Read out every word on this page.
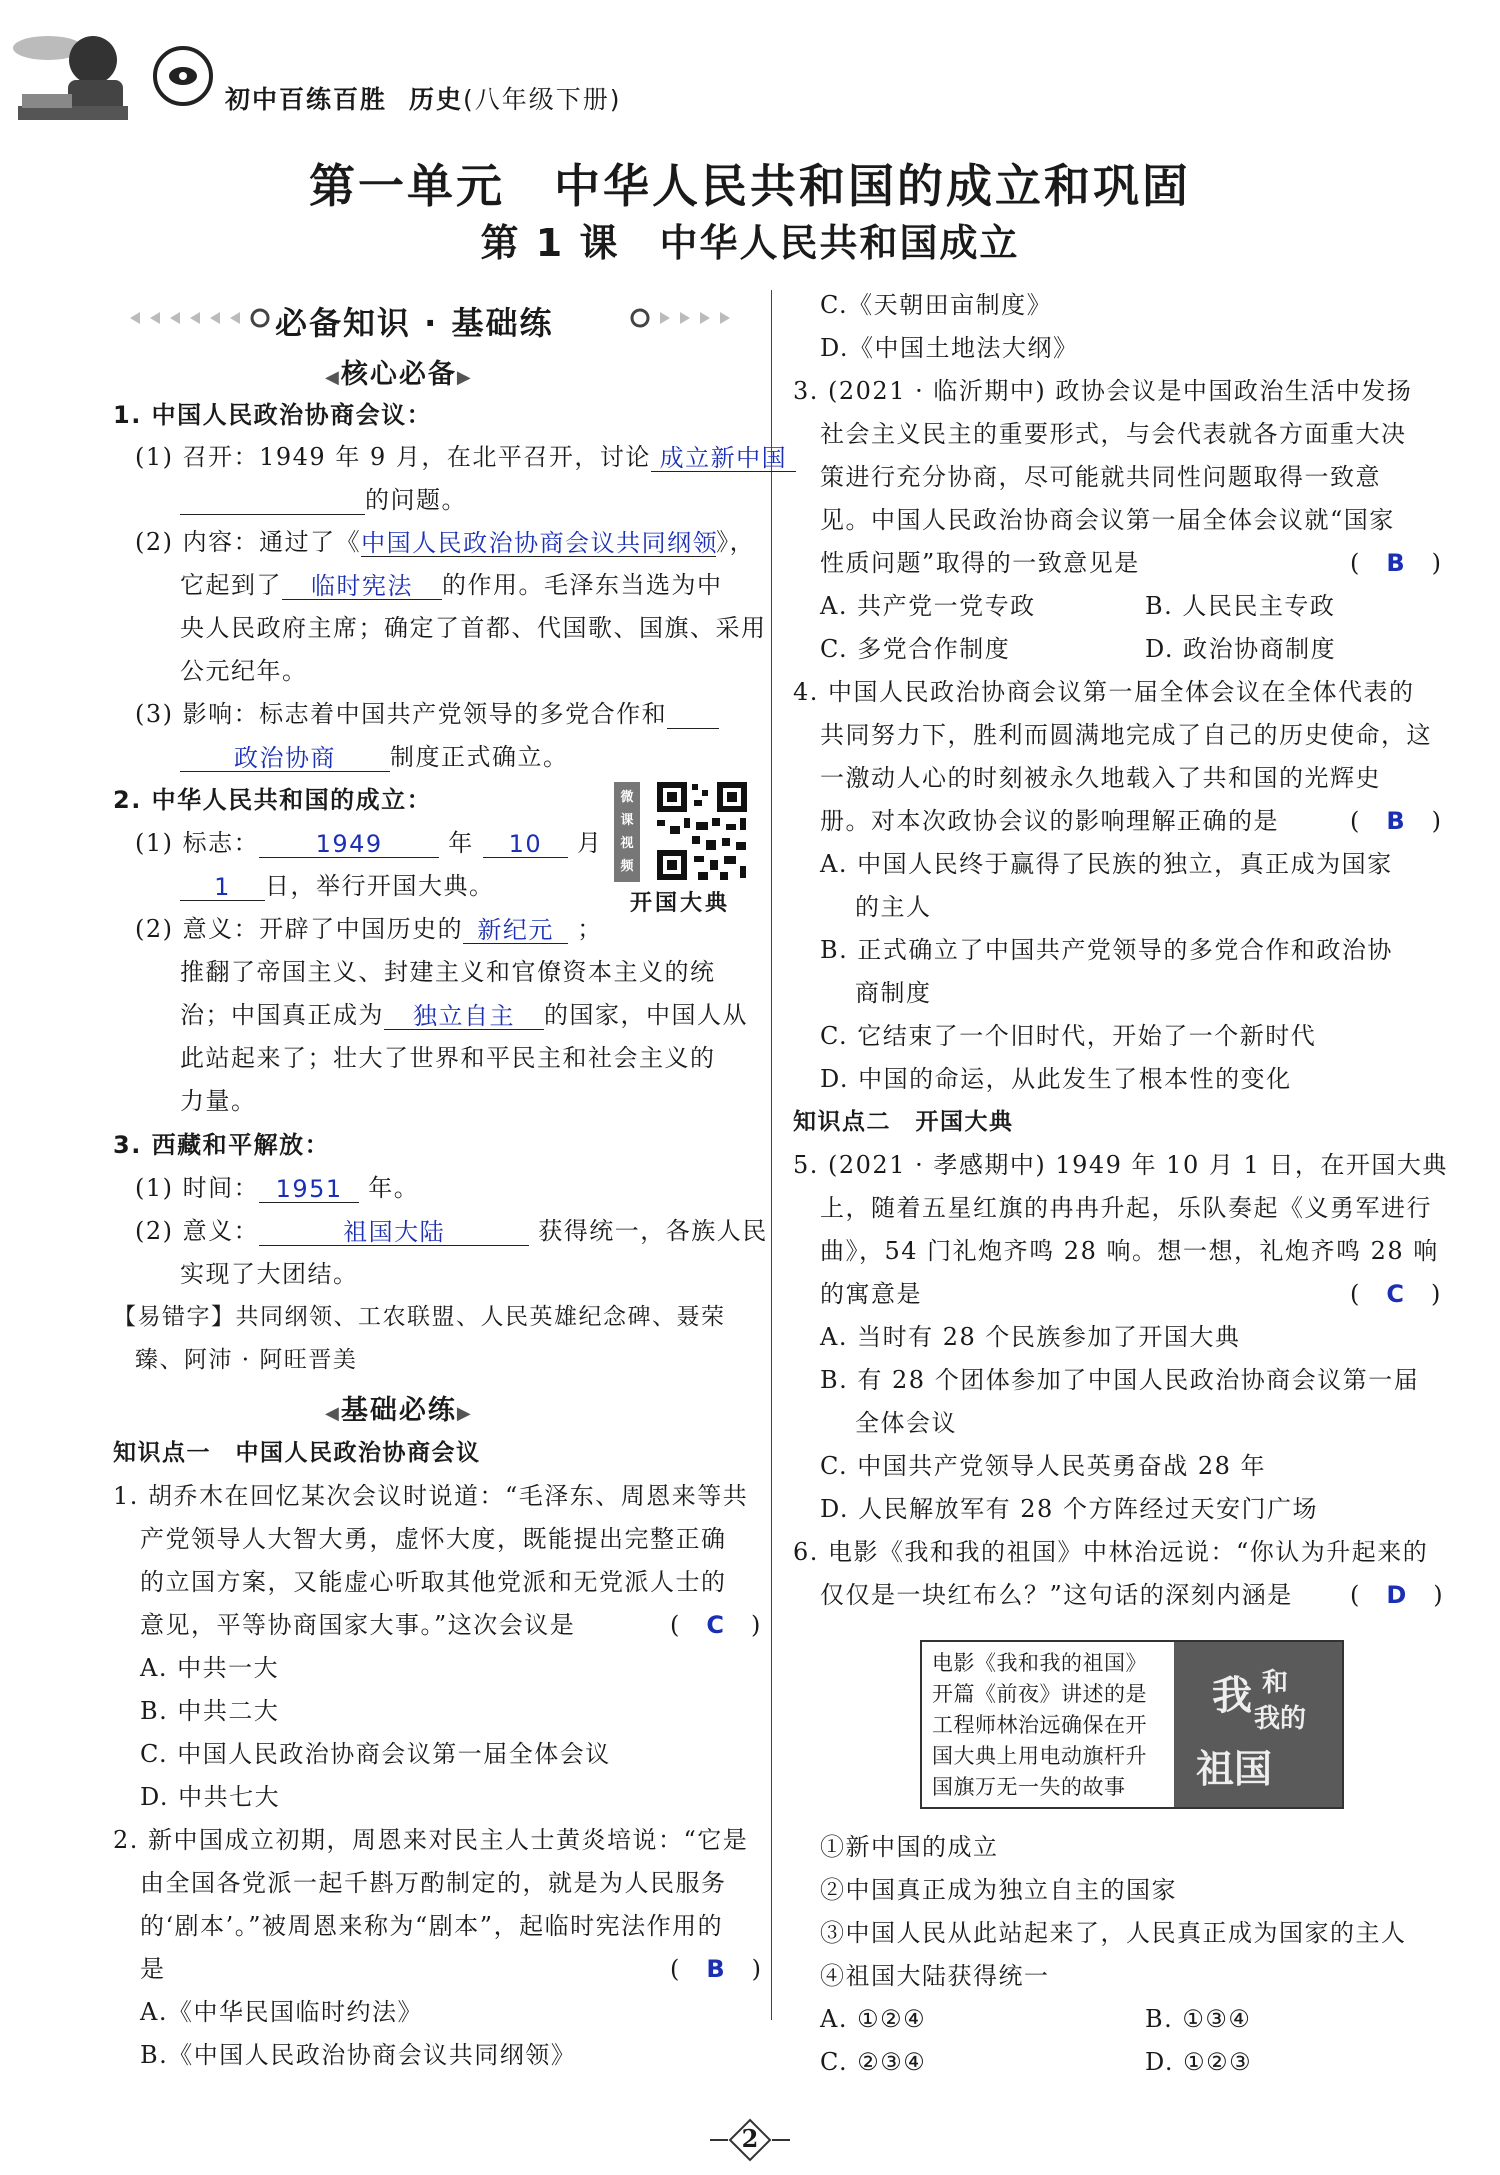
初中百练百胜 历史(八年级下册)
第一单元　中华人民共和国的成立和巩固
第 1 课　中华人民共和国成立
必备知识 · 基础练
◀核心必备▶
1. 中国人民政治协商会议：
(1) 召开：1949 年 9 月，在北平召开，讨论 成立新中国
的问题。
(2) 内容：通过了《中国人民政治协商会议共同纲领》，
它起到了 临时宪法 的作用。毛泽东当选为中
央人民政府主席；确定了首都、代国歌、国旗、采用
公元纪年。
(3) 影响：标志着中国共产党领导的多党合作和
政治协商 制度正式确立。
2. 中华人民共和国的成立：
(1) 标志： 1949	年 10 月
1 日，举行开国大典。
微课视频
开国大典
(2) 意义：开辟了中国历史的 新纪元 ；
推翻了帝国主义、封建主义和官僚资本主义的统
治；中国真正成为 独立自主 的国家，中国人从
此站起来了；壮大了世界和平民主和社会主义的
力量。
3. 西藏和平解放：
(1) 时间： 1951 年。
(2) 意义：	祖国大陆	获得统一，各族人民
实现了大团结。
【易错字】共同纲领、工农联盟、人民英雄纪念碑、聂荣
臻、阿沛 · 阿旺晋美
◀基础必练▶
知识点一　中国人民政治协商会议
1. 胡乔木在回忆某次会议时说道：“毛泽东、周恩来等共
产党领导人大智大勇，虚怀大度，既能提出完整正确
的立国方案，又能虚心听取其他党派和无党派人士的
意见，平等协商国家大事。”这次会议是	(　C　)
A. 中共一大
B. 中共二大
C. 中国人民政治协商会议第一届全体会议
D. 中共七大
2. 新中国成立初期，周恩来对民主人士黄炎培说：“它是
由全国各党派一起千斟万酌制定的，就是为人民服务
的‘剧本’。”被周恩来称为“剧本”，起临时宪法作用的
是	(　B　)
A.《中华民国临时约法》
B.《中国人民政治协商会议共同纲领》
C.《天朝田亩制度》
D.《中国土地法大纲》
3. (2021 · 临沂期中) 政协会议是中国政治生活中发扬
社会主义民主的重要形式，与会代表就各方面重大决
策进行充分协商，尽可能就共同性问题取得一致意
见。中国人民政治协商会议第一届全体会议就“国家
性质问题”取得的一致意见是	(　B　)
A. 共产党一党专政	B. 人民民主专政
C. 多党合作制度	D. 政治协商制度
4. 中国人民政治协商会议第一届全体会议在全体代表的
共同努力下，胜利而圆满地完成了自己的历史使命，这
一激动人心的时刻被永久地载入了共和国的光辉史
册。对本次政协会议的影响理解正确的是	(　B　)
A. 中国人民终于赢得了民族的独立，真正成为国家
的主人
B. 正式确立了中国共产党领导的多党合作和政治协
商制度
C. 它结束了一个旧时代，开始了一个新时代
D. 中国的命运，从此发生了根本性的变化
知识点二　开国大典
5. (2021 · 孝感期中) 1949 年 10 月 1 日，在开国大典
上，随着五星红旗的冉冉升起，乐队奏起《义勇军进行
曲》，54 门礼炮齐鸣 28 响。想一想，礼炮齐鸣 28 响
的寓意是	(　C　)
A. 当时有 28 个民族参加了开国大典
B. 有 28 个团体参加了中国人民政治协商会议第一届
全体会议
C. 中国共产党领导人民英勇奋战 28 年
D. 人民解放军有 28 个方阵经过天安门广场
6. 电影《我和我的祖国》中林治远说：“你认为升起来的
仅仅是一块红布么？”这句话的深刻内涵是 (　D　)
电影《我和我的祖国》
开篇《前夜》讲述的是
工程师林治远确保在开
国大典上用电动旗杆升
国旗万无一失的故事
我 和
我的
祖国
①新中国的成立
②中国真正成为独立自主的国家
③中国人民从此站起来了，人民真正成为国家的主人
④祖国大陆获得统一
A. ①②④	B. ①③④
C. ②③④	D. ①②③
2
